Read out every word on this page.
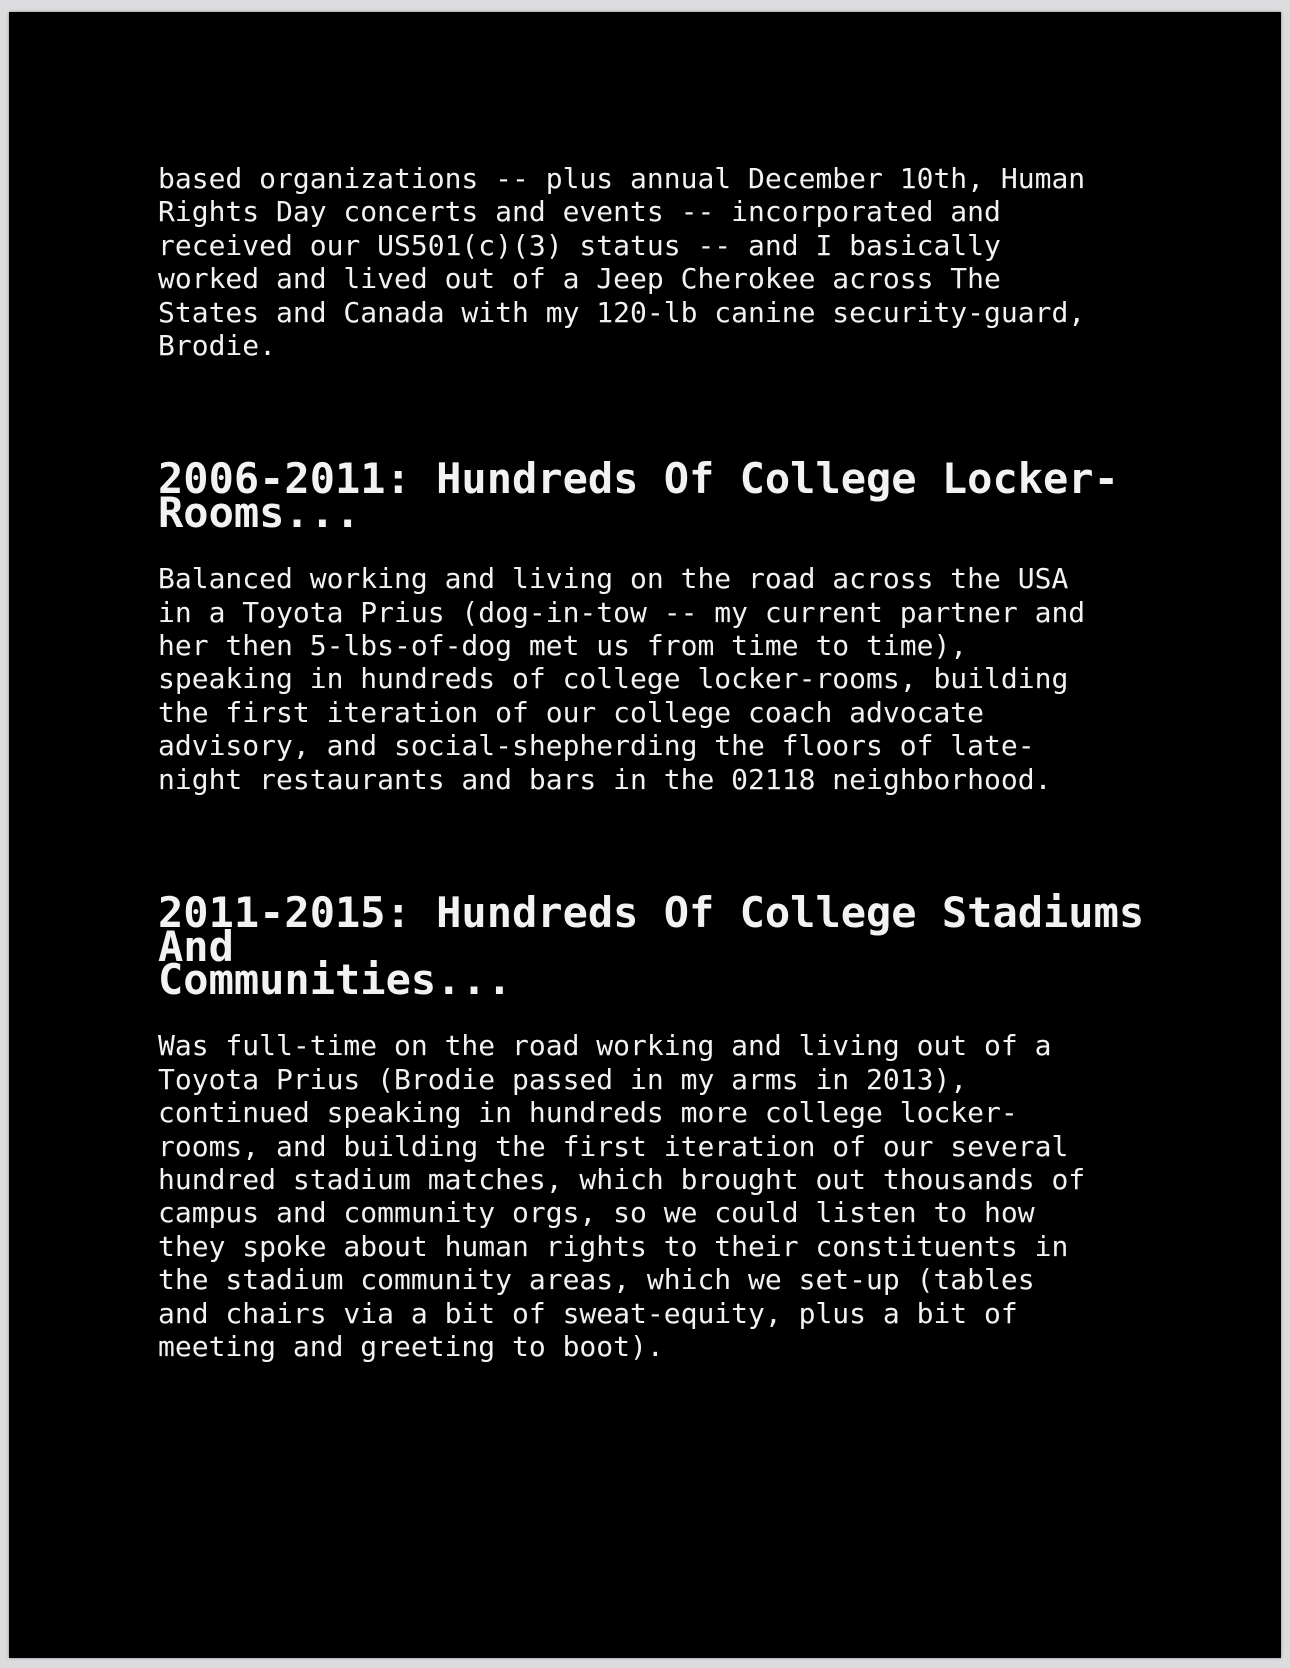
based organizations -- plus annual December 10th, Human
Rights Day concerts and events -- incorporated and
received our US501(c)(3) status -- and I basically
worked and lived out of a Jeep Cherokee across The
States and Canada with my 120-lb canine security-guard,
Brodie.

2006-2011: Hundreds Of College Locker-Rooms...

Balanced working and living on the road across the USA
in a Toyota Prius (dog-in-tow -- my current partner and
her then 5-lbs-of-dog met us from time to time),
speaking in hundreds of college locker-rooms, building
the first iteration of our college coach advocate
advisory, and social-shepherding the floors of late-
night restaurants and bars in the 02118 neighborhood.

2011-2015: Hundreds Of College Stadiums And
Communities...

Was full-time on the road working and living out of a
Toyota Prius (Brodie passed in my arms in 2013),
continued speaking in hundreds more college locker-
rooms, and building the first iteration of our several
hundred stadium matches, which brought out thousands of
campus and community orgs, so we could listen to how
they spoke about human rights to their constituents in
the stadium community areas, which we set-up (tables
and chairs via a bit of sweat-equity, plus a bit of
meeting and greeting to boot).
